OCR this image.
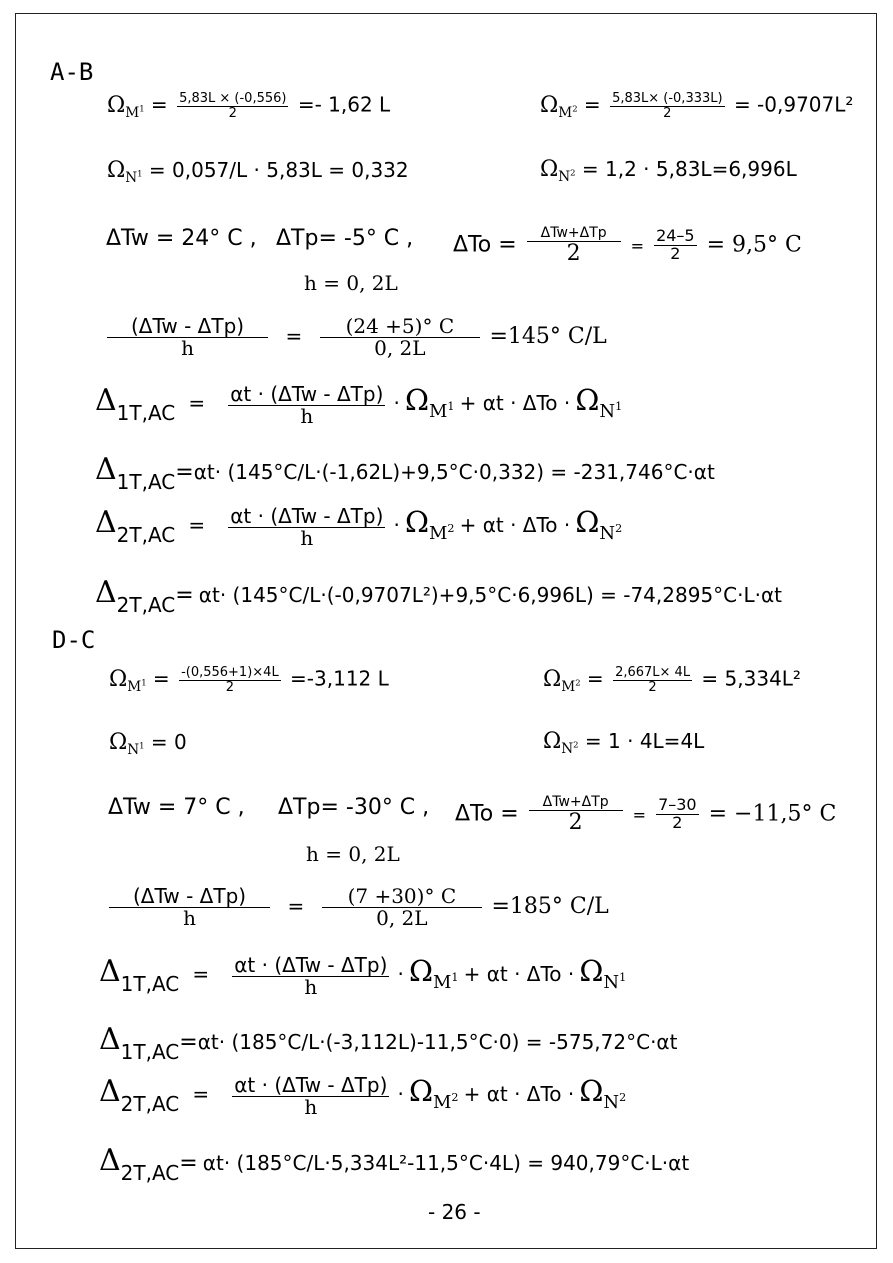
A-B
$\Omega_{M^1} = \frac{5,83L \times (-0,556)}{2} =- 1,62$ L	$\Omega_{M^2} = \frac{5,83L\times (-0,333L)}{2} = -0,9707L^2$
$\Omega_{N^1} = 0,057/L \cdot 5,83L = 0,332$	$\Omega_{N^2} = 1,2 \cdot 5,83L=6,996L$
ΔTw = 24° C , ΔTp= -5° C , $\Delta To = \frac{\text{ΔTw+ΔTp}}{2} = \frac{24-5}{2} = 9,5^\circ$ C
h = 0, 2L
$\frac{\text{(ΔTw - ΔTp)}}{h} = \frac{(24 +5)^\circ C}{0, 2L} =145^\circ$ C/L
$\Delta 1T,AC = \frac{\text{αt · (ΔTw - ΔTp)}}{h} \cdot \Omega_{M^1} + \alpha t \cdot \Delta To \cdot \Omega_{N^1}$
Δ1T,AC=αt· (145°C/L·(-1,62L)+9,5°C·0,332) = -231,746°C·αt
$\Delta 2T,AC = \frac{\text{αt · (ΔTw - ΔTp)}}{h} \cdot \Omega_{M^2} + \alpha t \cdot \Delta To \cdot \Omega_{N^2}$
Δ2T,AC= αt· (145°C/L·(-0,9707L²)+9,5°C·6,996L) = -74,2895°C·L·αt
D-C
$\Omega_{M^1} = \frac{-(0,556+1)\times 4L}{2} =-3,112$ L	$\Omega_{M^2} = \frac{2,667L\times 4L}{2} = 5,334L^2$
$\Omega_{N^1} = 0$	$\Omega_{N^2} = 1 \cdot 4L=4L$
ΔTw = 7° C , ΔTp= -30° C , $\Delta To = \frac{\text{ΔTw+ΔTp}}{2} = \frac{7-30}{2} = -11,5^\circ$ C
h = 0, 2L
$\frac{\text{(ΔTw - ΔTp)}}{h} = \frac{(7 +30)^\circ C}{0, 2L} =185^\circ$ C/L
$\Delta 1T,AC = \frac{\text{αt · (ΔTw - ΔTp)}}{h} \cdot \Omega_{M^1} + \alpha t \cdot \Delta To \cdot \Omega_{N^1}$
Δ1T,AC=αt· (185°C/L·(-3,112L)-11,5°C·0) = -575,72°C·αt
$\Delta 2T,AC = \frac{\text{αt · (ΔTw - ΔTp)}}{h} \cdot \Omega_{M^2} + \alpha t \cdot \Delta To \cdot \Omega_{N^2}$
Δ2T,AC= αt· (185°C/L·5,334L²-11,5°C·4L) = 940,79°C·L·αt
- 26 -
